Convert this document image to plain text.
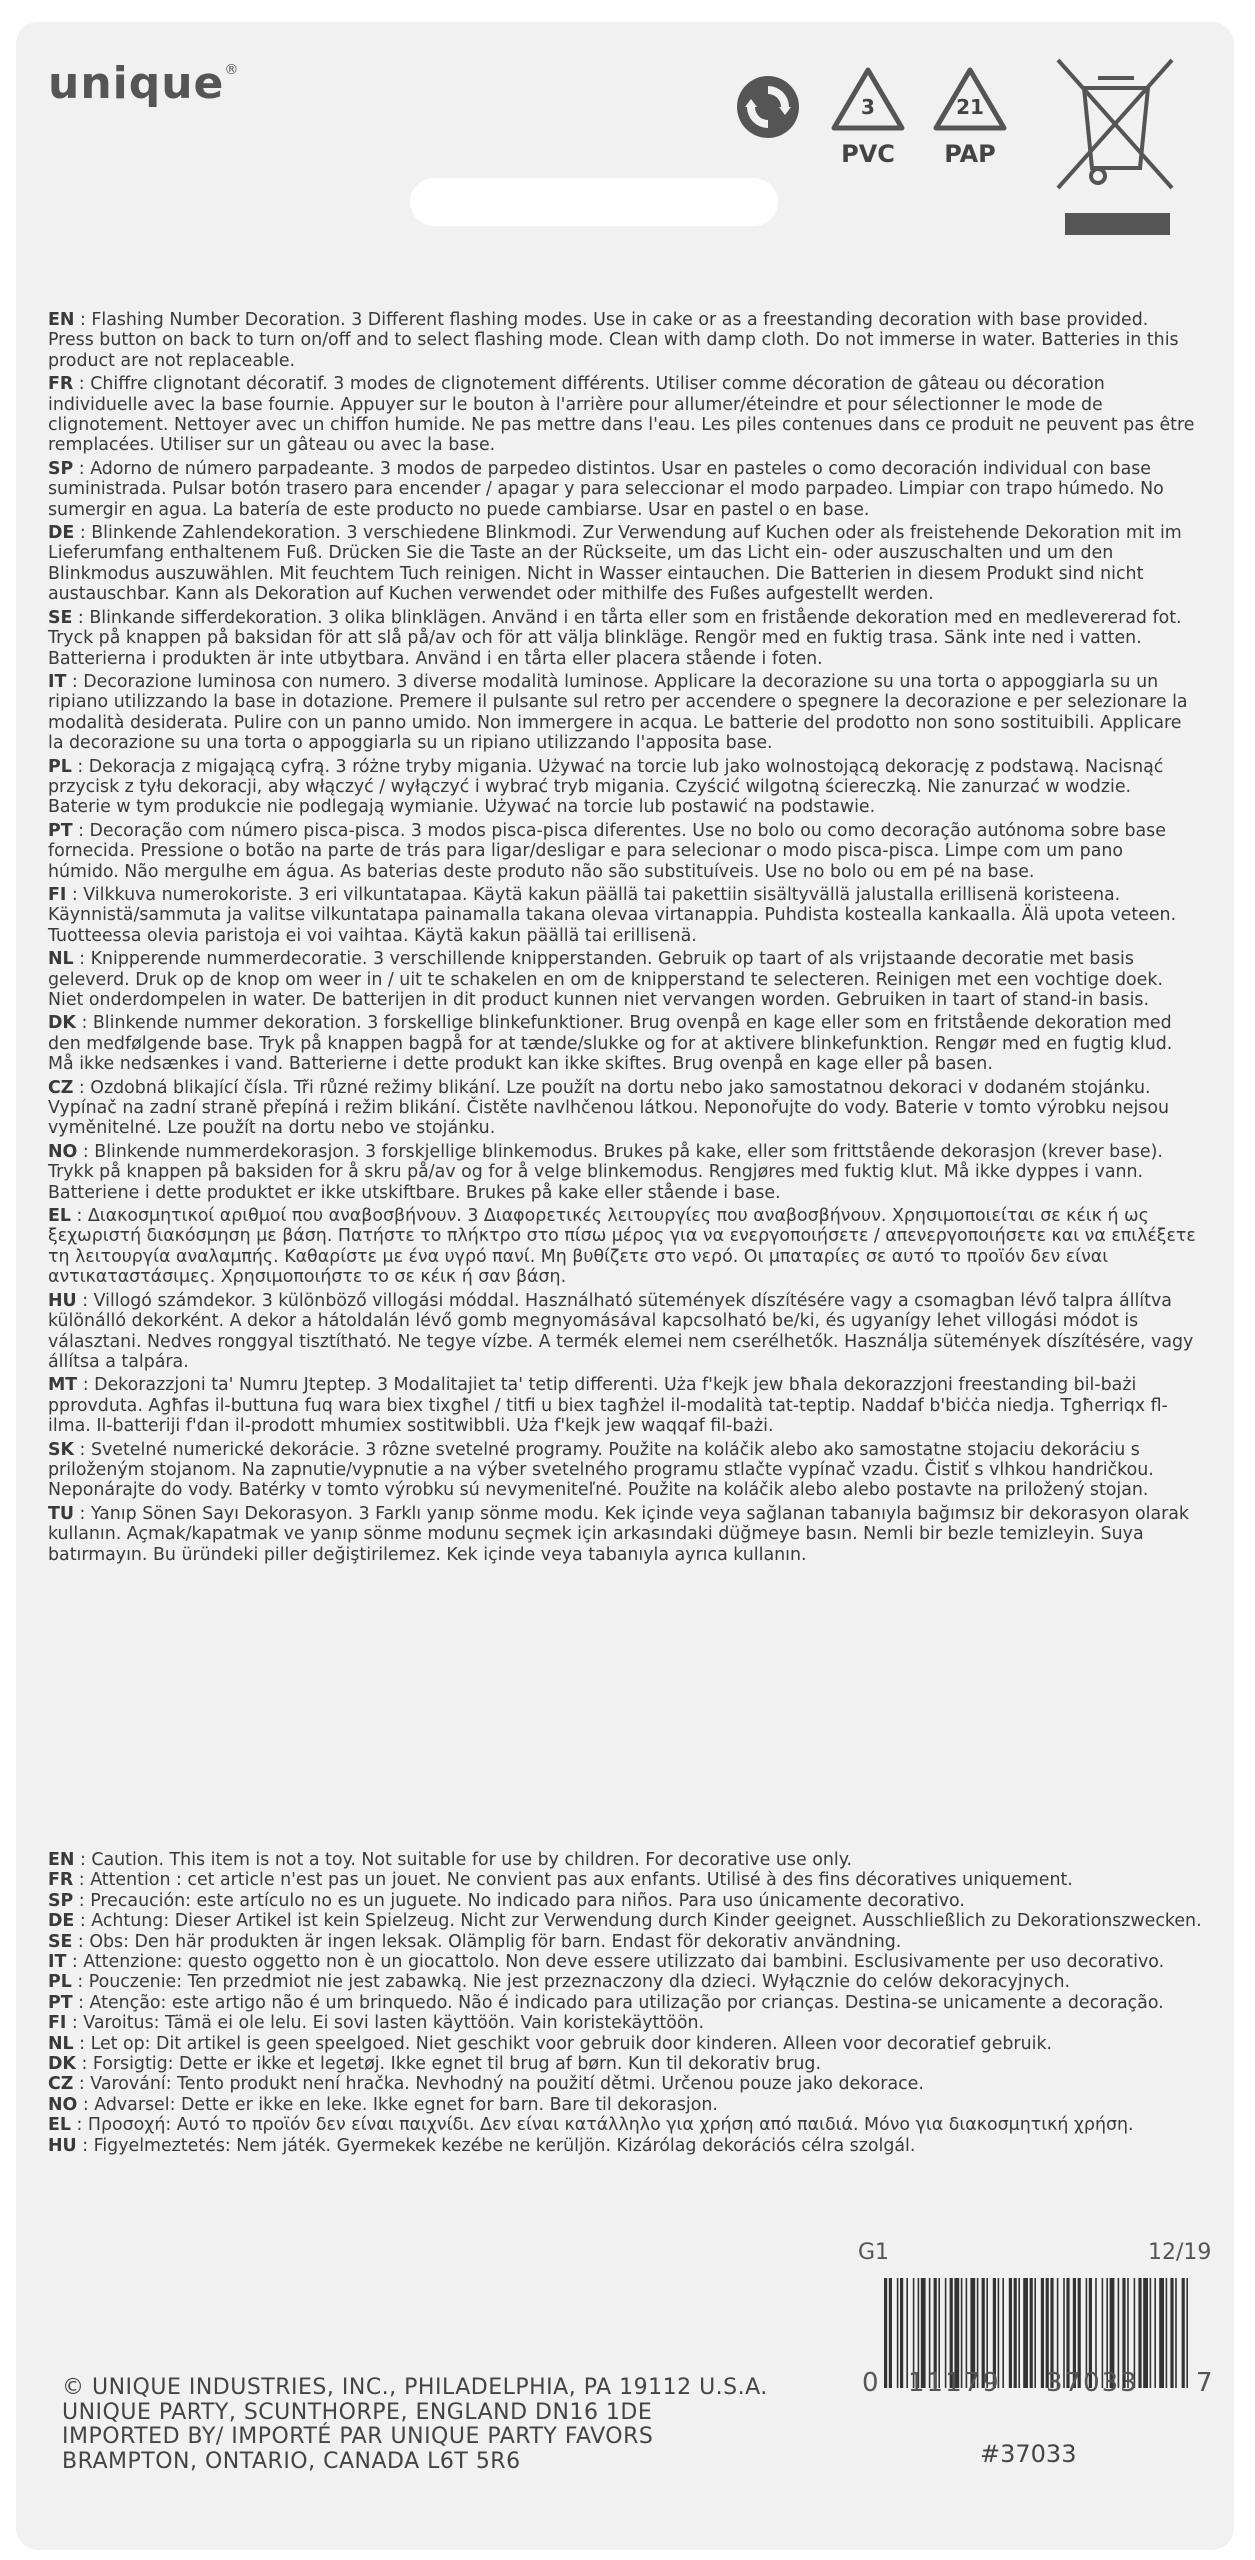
unique®
3
PVC
21
PAP

EN : Flashing Number Decoration. 3 Different flashing modes. Use in cake or as a freestanding decoration with base provided. Press button on back to turn on/off and to select flashing mode. Clean with damp cloth. Do not immerse in water. Batteries in this product are not replaceable.

FR : Chiffre clignotant décoratif. 3 modes de clignotement différents. Utiliser comme décoration de gâteau ou décoration individuelle avec la base fournie. Appuyer sur le bouton à l'arrière pour allumer/éteindre et pour sélectionner le mode de clignotement. Nettoyer avec un chiffon humide. Ne pas mettre dans l'eau. Les piles contenues dans ce produit ne peuvent pas être remplacées. Utiliser sur un gâteau ou avec la base.

SP : Adorno de número parpadeante. 3 modos de parpedeo distintos. Usar en pasteles o como decoración individual con base suministrada. Pulsar botón trasero para encender / apagar y para seleccionar el modo parpadeo. Limpiar con trapo húmedo. No sumergir en agua. La batería de este producto no puede cambiarse. Usar en pastel o en base.

DE : Blinkende Zahlendekoration. 3 verschiedene Blinkmodi. Zur Verwendung auf Kuchen oder als freistehende Dekoration mit im Lieferumfang enthaltenem Fuß. Drücken Sie die Taste an der Rückseite, um das Licht ein- oder auszuschalten und um den Blinkmodus auszuwählen. Mit feuchtem Tuch reinigen. Nicht in Wasser eintauchen. Die Batterien in diesem Produkt sind nicht austauschbar. Kann als Dekoration auf Kuchen verwendet oder mithilfe des Fußes aufgestellt werden.

SE : Blinkande sifferdekoration. 3 olika blinklägen. Använd i en tårta eller som en fristående dekoration med en medlevererad fot. Tryck på knappen på baksidan för att slå på/av och för att välja blinkläge. Rengör med en fuktig trasa. Sänk inte ned i vatten. Batterierna i produkten är inte utbytbara. Använd i en tårta eller placera stående i foten.

IT : Decorazione luminosa con numero. 3 diverse modalità luminose. Applicare la decorazione su una torta o appoggiarla su un ripiano utilizzando la base in dotazione. Premere il pulsante sul retro per accendere o spegnere la decorazione e per selezionare la modalità desiderata. Pulire con un panno umido. Non immergere in acqua. Le batterie del prodotto non sono sostituibili. Applicare la decorazione su una torta o appoggiarla su un ripiano utilizzando l'apposita base.

PL : Dekoracja z migającą cyfrą. 3 różne tryby migania. Używać na torcie lub jako wolnostojącą dekorację z podstawą. Nacisnąć przycisk z tyłu dekoracji, aby włączyć / wyłączyć i wybrać tryb migania. Czyścić wilgotną ściereczką. Nie zanurzać w wodzie. Baterie w tym produkcie nie podlegają wymianie. Używać na torcie lub postawić na podstawie.

PT : Decoração com número pisca-pisca. 3 modos pisca-pisca diferentes. Use no bolo ou como decoração autónoma sobre base fornecida. Pressione o botão na parte de trás para ligar/desligar e para selecionar o modo pisca-pisca. Limpe com um pano húmido. Não mergulhe em água. As baterias deste produto não são substituíveis. Use no bolo ou em pé na base.

FI : Vilkkuva numerokoriste. 3 eri vilkuntatapaa. Käytä kakun päällä tai pakettiin sisältyvällä jalustalla erillisenä koristeena. Käynnistä/sammuta ja valitse vilkuntatapa painamalla takana olevaa virtanappia. Puhdista kostealla kankaalla. Älä upota veteen. Tuotteessa olevia paristoja ei voi vaihtaa. Käytä kakun päällä tai erillisenä.

NL : Knipperende nummerdecoratie. 3 verschillende knipperstanden. Gebruik op taart of als vrijstaande decoratie met basis geleverd. Druk op de knop om weer in / uit te schakelen en om de knipperstand te selecteren. Reinigen met een vochtige doek. Niet onderdompelen in water. De batterijen in dit product kunnen niet vervangen worden. Gebruiken in taart of stand-in basis.

DK : Blinkende nummer dekoration. 3 forskellige blinkefunktioner. Brug ovenpå en kage eller som en fritstående dekoration med den medfølgende base. Tryk på knappen bagpå for at tænde/slukke og for at aktivere blinkefunktion. Rengør med en fugtig klud. Må ikke nedsænkes i vand. Batterierne i dette produkt kan ikke skiftes. Brug ovenpå en kage eller på basen.

CZ : Ozdobná blikající čísla. Tři různé režimy blikání. Lze použít na dortu nebo jako samostatnou dekoraci v dodaném stojánku. Vypínač na zadní straně přepíná i režim blikání. Čistěte navlhčenou látkou. Neponořujte do vody. Baterie v tomto výrobku nejsou vyměnitelné. Lze použít na dortu nebo ve stojánku.

NO : Blinkende nummerdekorasjon. 3 forskjellige blinkemodus. Brukes på kake, eller som frittstående dekorasjon (krever base). Trykk på knappen på baksiden for å skru på/av og for å velge blinkemodus. Rengjøres med fuktig klut. Må ikke dyppes i vann. Batteriene i dette produktet er ikke utskiftbare. Brukes på kake eller stående i base.

EL : Διακοσμητικοί αριθμοί που αναβοσβήνουν. 3 Διαφορετικές λειτουργίες που αναβοσβήνουν. Χρησιμοποιείται σε κέικ ή ως ξεχωριστή διακόσμηση με βάση. Πατήστε το πλήκτρο στο πίσω μέρος για να ενεργοποιήσετε / απενεργοποιήσετε και να επιλέξετε τη λειτουργία αναλαμπής. Καθαρίστε με ένα υγρό πανί. Μη βυθίζετε στο νερό. Οι μπαταρίες σε αυτό το προϊόν δεν είναι αντικαταστάσιμες. Χρησιμοποιήστε το σε κέικ ή σαν βάση.

HU : Villogó számdekor. 3 különböző villogási móddal. Használható sütemények díszítésére vagy a csomagban lévő talpra állítva különálló dekorként. A dekor a hátoldalán lévő gomb megnyomásával kapcsolható be/ki, és ugyanígy lehet villogási módot is választani. Nedves ronggyal tisztítható. Ne tegye vízbe. A termék elemei nem cserélhetők. Használja sütemények díszítésére, vagy állítsa a talpára.

MT : Dekorazzjoni ta' Numru Jteptep. 3 Modalitajiet ta' tetip differenti. Uża f'kejk jew bħala dekorazzjoni freestanding bil-bażi pprovduta. Agħfas il-buttuna fuq wara biex tixgħel / titfi u biex tagħżel il-modalità tat-teptip. Naddaf b'biċċa niedja. Tgħerriqx fl-ilma. Il-batteriji f'dan il-prodott mhumiex sostitwibbli. Uża f'kejk jew waqqaf fil-bażi.

SK : Svetelné numerické dekorácie. 3 rôzne svetelné programy. Použite na koláčik alebo ako samostatne stojaciu dekoráciu s priloženým stojanom. Na zapnutie/vypnutie a na výber svetelného programu stlačte vypínač vzadu. Čistiť s vlhkou handričkou. Neponárajte do vody. Batérky v tomto výrobku sú nevymeniteľné. Použite na koláčik alebo alebo postavte na priložený stojan.

TU : Yanıp Sönen Sayı Dekorasyon. 3 Farklı yanıp sönme modu. Kek içinde veya sağlanan tabanıyla bağımsız bir dekorasyon olarak kullanın. Açmak/kapatmak ve yanıp sönme modunu seçmek için arkasındaki düğmeye basın. Nemli bir bezle temizleyin. Suya batırmayın. Bu üründeki piller değiştirilemez. Kek içinde veya tabanıyla ayrıca kullanın.

EN : Caution. This item is not a toy. Not suitable for use by children. For decorative use only.

FR : Attention : cet article n'est pas un jouet. Ne convient pas aux enfants. Utilisé à des fins décoratives uniquement.

SP : Precaución: este artículo no es un juguete. No indicado para niños. Para uso únicamente decorativo.

DE : Achtung: Dieser Artikel ist kein Spielzeug. Nicht zur Verwendung durch Kinder geeignet. Ausschließlich zu Dekorationszwecken.

SE : Obs: Den här produkten är ingen leksak. Olämplig för barn. Endast för dekorativ användning.

IT : Attenzione: questo oggetto non è un giocattolo. Non deve essere utilizzato dai bambini. Esclusivamente per uso decorativo.

PL : Pouczenie: Ten przedmiot nie jest zabawką. Nie jest przeznaczony dla dzieci. Wyłącznie do celów dekoracyjnych.

PT : Atenção: este artigo não é um brinquedo. Não é indicado para utilização por crianças. Destina-se unicamente a decoração.

FI : Varoitus: Tämä ei ole lelu. Ei sovi lasten käyttöön. Vain koristekäyttöön.

NL : Let op: Dit artikel is geen speelgoed. Niet geschikt voor gebruik door kinderen. Alleen voor decoratief gebruik.

DK : Forsigtig: Dette er ikke et legetøj. Ikke egnet til brug af børn. Kun til dekorativ brug.

CZ : Varování: Tento produkt není hračka. Nevhodný na použití dětmi. Určenou pouze jako dekorace.

NO : Advarsel: Dette er ikke en leke. Ikke egnet for barn. Bare til dekorasjon.

EL : Προσοχή: Αυτό το προϊόν δεν είναι παιχνίδι. Δεν είναι κατάλληλο για χρήση από παιδιά. Μόνο για διακοσμητική χρήση.

HU : Figyelmeztetés: Nem játék. Gyermekek kezébe ne kerüljön. Kizárólag dekorációs célra szolgál.

G1	12/19
0 11179 37033 7
#37033

© UNIQUE INDUSTRIES, INC., PHILADELPHIA, PA 19112 U.S.A.

UNIQUE PARTY, SCUNTHORPE, ENGLAND DN16 1DE

IMPORTED BY/ IMPORTÉ PAR UNIQUE PARTY FAVORS

BRAMPTON, ONTARIO, CANADA L6T 5R6
